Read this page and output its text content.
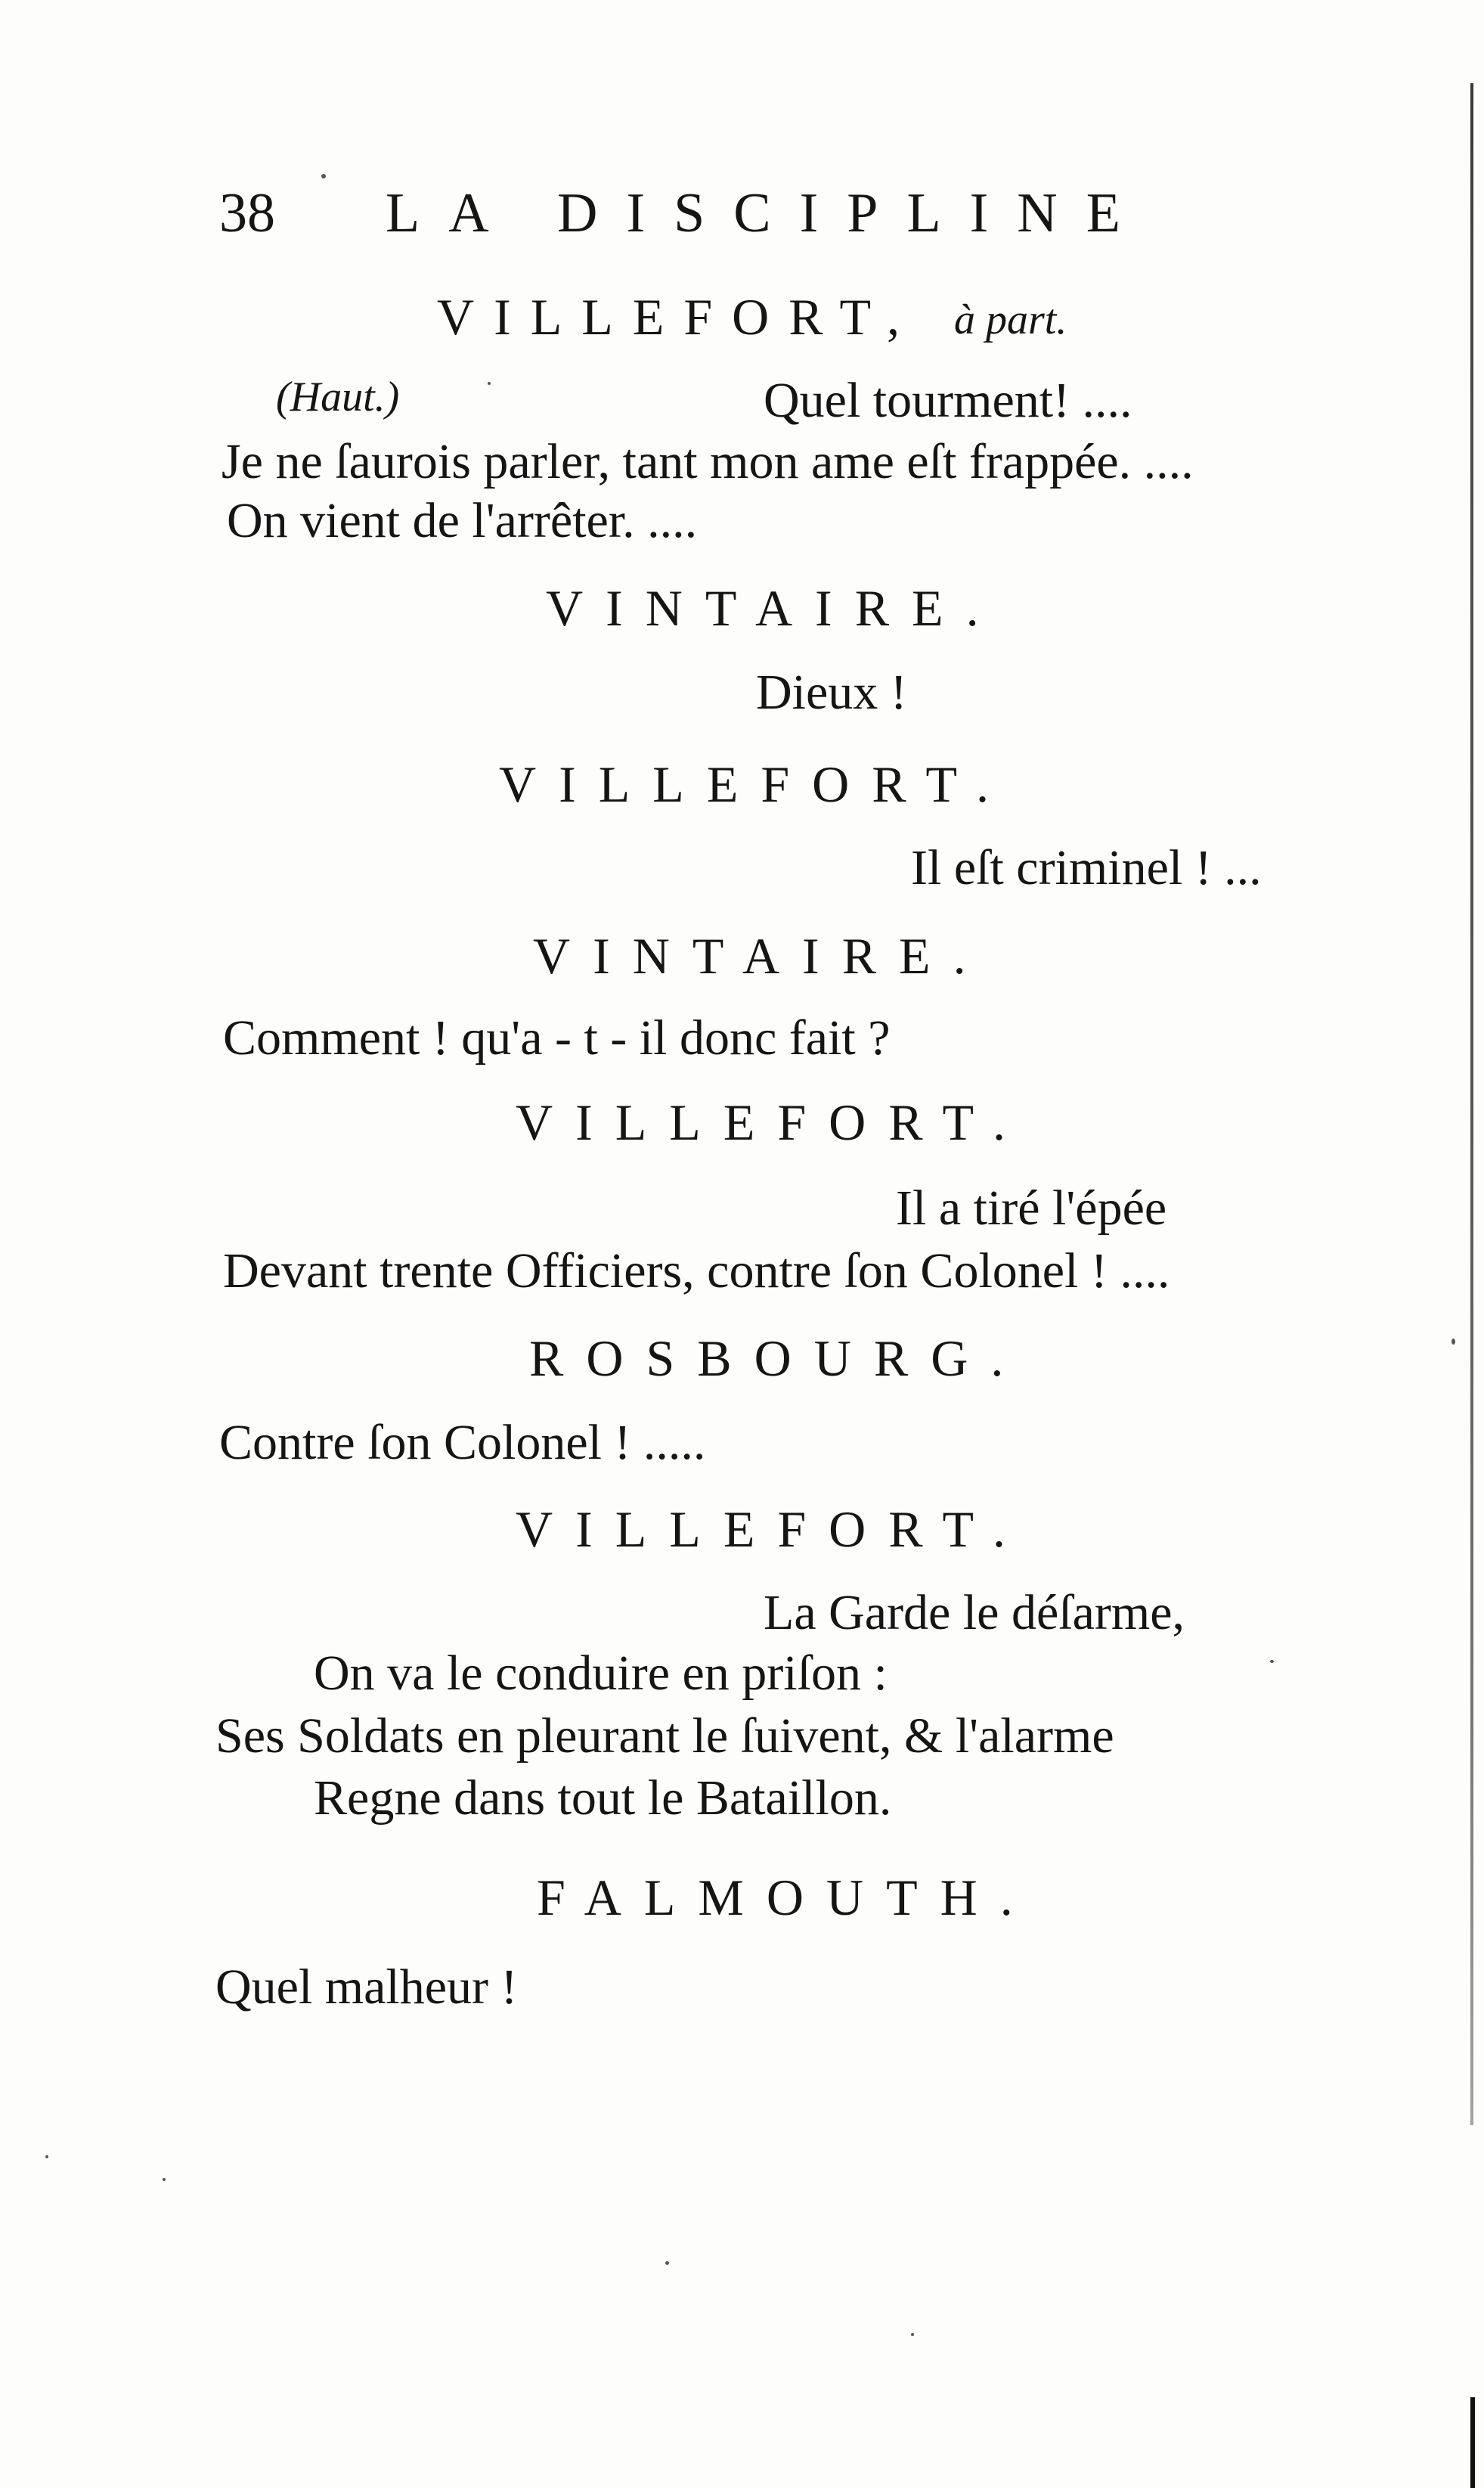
38 LA DISCIPLINE
VILLEFORT, à part.
(Haut.)	Quel tourment! ....
Je ne ſaurois parler, tant mon ame eſt frappée. ....
On vient de l'arrêter. ....
VINTAIRE.
Dieux !
VILLEFORT.
Il eſt criminel ! ...
VINTAIRE.
Comment ! qu'a - t - il donc fait ?
VILLEFORT.
Il a tiré l'épée
Devant trente Officiers, contre ſon Colonel ! ....
ROSBOURG.
Contre ſon Colonel ! .....
VILLEFORT.
La Garde le déſarme,
On va le conduire en priſon :
Ses Soldats en pleurant le ſuivent, & l'alarme
Regne dans tout le Bataillon.
FALMOUTH.
Quel malheur !
